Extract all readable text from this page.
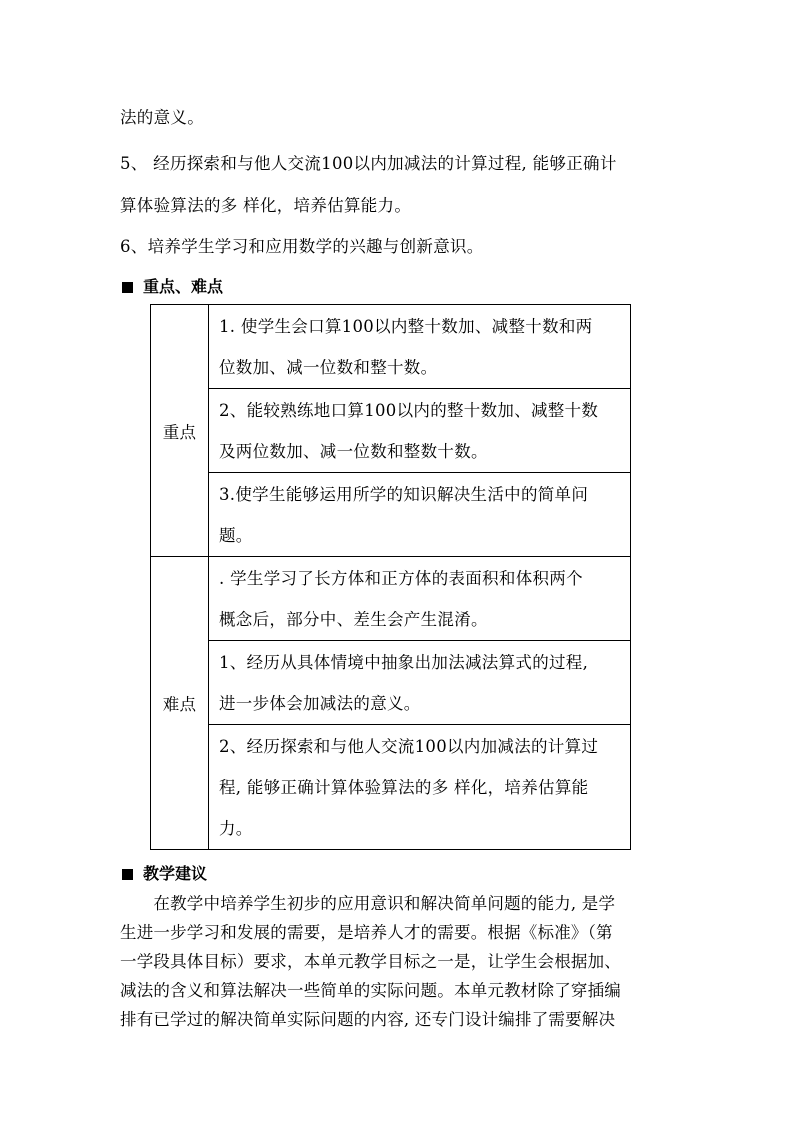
法的意义。
5、 经历探索和与他人交流100以内加减法的计算过程, 能够正确计
算体验算法的多 样化，培养估算能力。
6、培养学生学习和应用数学的兴趣与创新意识。
重点、难点
重点	1. 使学生会口算100以内整十数加、减整十数和两
位数加、减一位数和整十数。

	2、能较熟练地口算100以内的整十数加、减整十数
及两位数加、减一位数和整数十数。

	3.使学生能够运用所学的知识解决生活中的简单问
题。

难点	. 学生学习了长方体和正方体的表面积和体积两个
概念后，部分中、差生会产生混淆。

	1、经历从具体情境中抽象出加法减法算式的过程,
进一步体会加减法的意义。

	2、经历探索和与他人交流100以内加减法的计算过
程, 能够正确计算体验算法的多 样化，培养估算能
力。
教学建议

　　在教学中培养学生初步的应用意识和解决简单问题的能力, 是学

生进一步学习和发展的需要，是培养人才的需要。根据《标准》（第

一学段具体目标）要求，本单元教学目标之一是，让学生会根据加、

减法的含义和算法解决一些简单的实际问题。本单元教材除了穿插编

排有已学过的解决简单实际问题的内容, 还专门设计编排了需要解决
